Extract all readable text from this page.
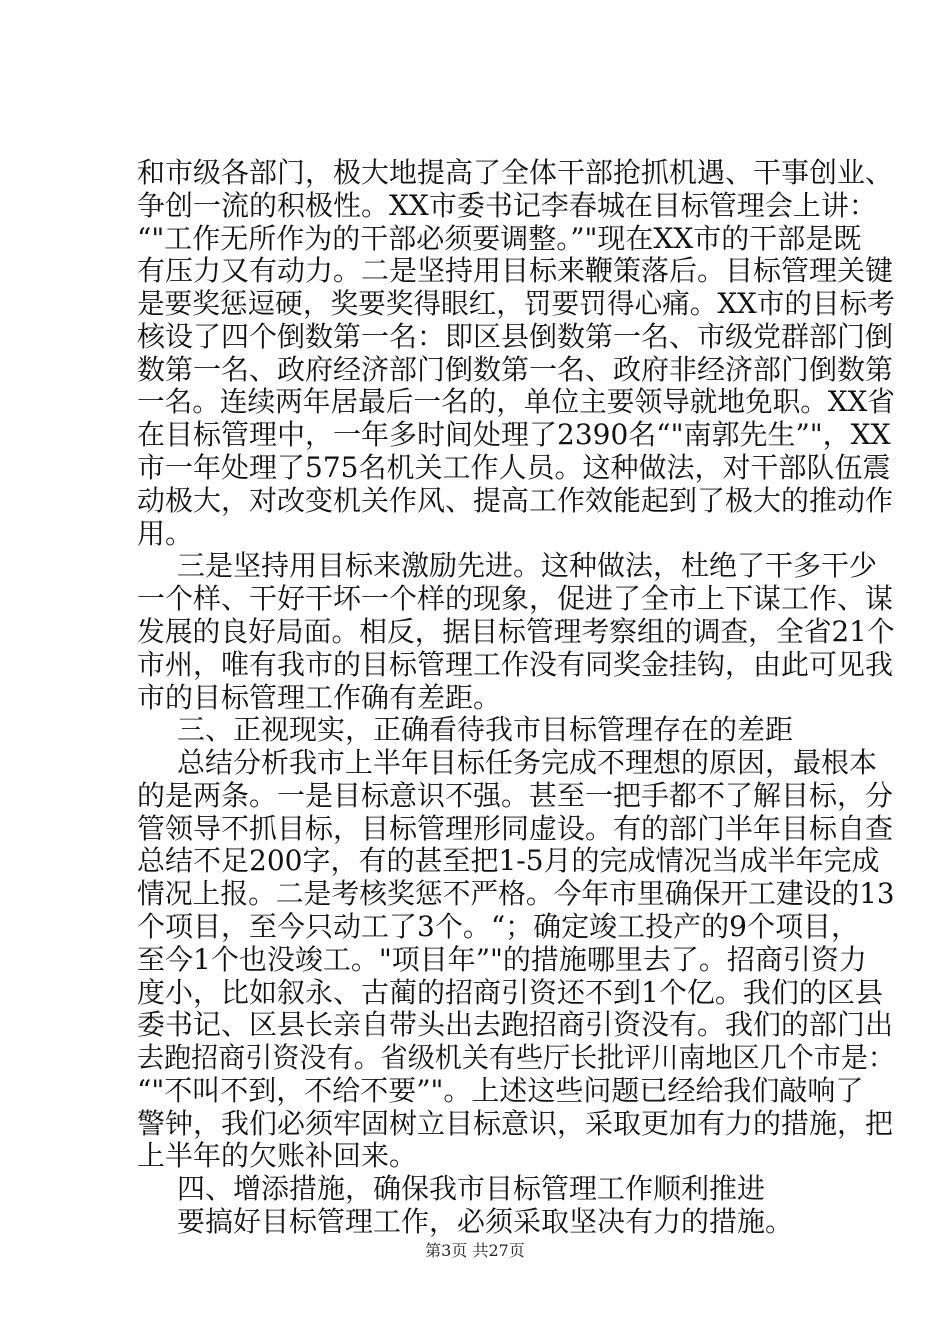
和市级各部门，极大地提高了全体干部抢抓机遇、干事创业、
争创一流的积极性。XX市委书记李春城在目标管理会上讲：
“"工作无所作为的干部必须要调整。”"现在XX市的干部是既
有压力又有动力。二是坚持用目标来鞭策落后。目标管理关键
是要奖惩逗硬，奖要奖得眼红，罚要罚得心痛。XX市的目标考
核设了四个倒数第一名：即区县倒数第一名、市级党群部门倒
数第一名、政府经济部门倒数第一名、政府非经济部门倒数第
一名。连续两年居最后一名的，单位主要领导就地免职。XX省
在目标管理中，一年多时间处理了2390名“"南郭先生”"，XX
市一年处理了575名机关工作人员。这种做法，对干部队伍震
动极大，对改变机关作风、提高工作效能起到了极大的推动作
用。
三是坚持用目标来激励先进。这种做法，杜绝了干多干少
一个样、干好干坏一个样的现象，促进了全市上下谋工作、谋
发展的良好局面。相反，据目标管理考察组的调查，全省21个
市州，唯有我市的目标管理工作没有同奖金挂钩，由此可见我
市的目标管理工作确有差距。
三、正视现实，正确看待我市目标管理存在的差距
总结分析我市上半年目标任务完成不理想的原因，最根本
的是两条。一是目标意识不强。甚至一把手都不了解目标，分
管领导不抓目标，目标管理形同虚设。有的部门半年目标自查
总结不足200字，有的甚至把1-5月的完成情况当成半年完成
情况上报。二是考核奖惩不严格。今年市里确保开工建设的13
个项目，至今只动工了3个。“；确定竣工投产的9个项目，
至今1个也没竣工。"项目年”"的措施哪里去了。招商引资力
度小，比如叙永、古蔺的招商引资还不到1个亿。我们的区县
委书记、区县长亲自带头出去跑招商引资没有。我们的部门出
去跑招商引资没有。省级机关有些厅长批评川南地区几个市是：
“"不叫不到，不给不要”"。上述这些问题已经给我们敲响了
警钟，我们必须牢固树立目标意识，采取更加有力的措施，把
上半年的欠账补回来。
四、增添措施，确保我市目标管理工作顺利推进
要搞好目标管理工作，必须采取坚决有力的措施。
第3页 共27页
